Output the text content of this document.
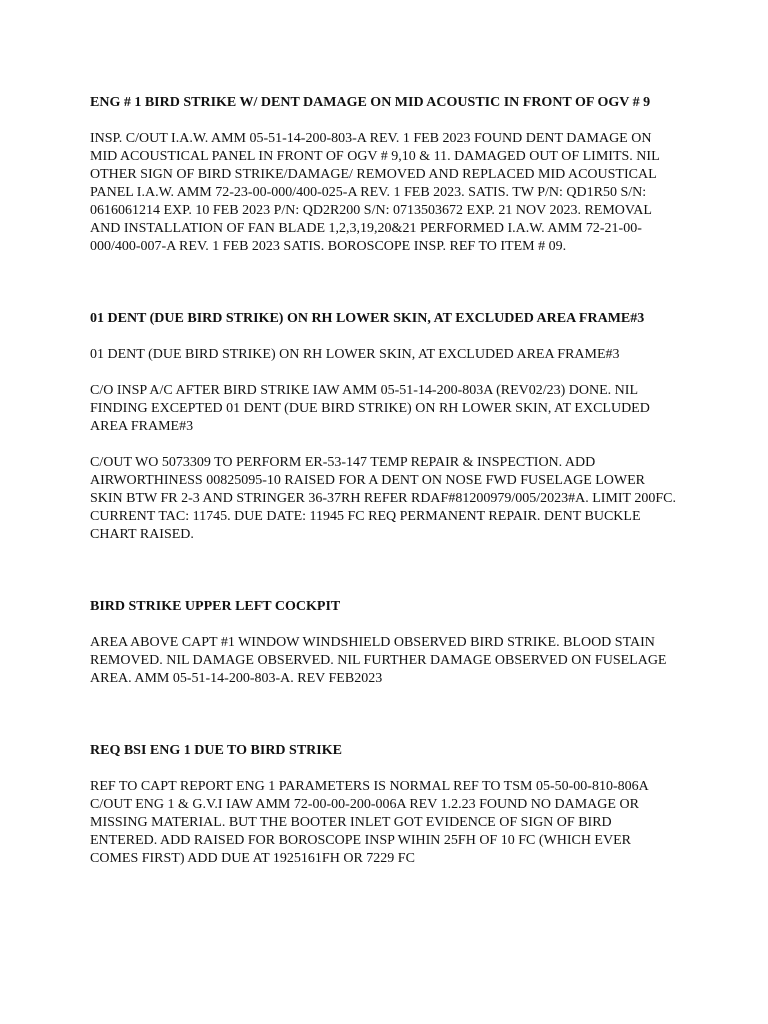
ENG # 1 BIRD STRIKE W/ DENT DAMAGE ON MID ACOUSTIC IN FRONT OF OGV # 9

INSP. C/OUT I.A.W. AMM 05-51-14-200-803-A REV. 1 FEB 2023 FOUND DENT DAMAGE ON MID ACOUSTICAL PANEL IN FRONT OF OGV # 9,10 & 11. DAMAGED OUT OF LIMITS. NIL OTHER SIGN OF BIRD STRIKE/DAMAGE/ REMOVED AND REPLACED MID ACOUSTICAL PANEL I.A.W. AMM 72-23-00-000/400-025-A REV. 1 FEB 2023. SATIS. TW P/N: QD1R50 S/N: 0616061214 EXP. 10 FEB 2023 P/N: QD2R200 S/N: 0713503672 EXP. 21 NOV 2023. REMOVAL AND INSTALLATION OF FAN BLADE 1,2,3,19,20&21 PERFORMED I.A.W. AMM 72-21-00-000/400-007-A REV. 1 FEB 2023 SATIS. BOROSCOPE INSP. REF TO ITEM # 09.

01 DENT (DUE BIRD STRIKE) ON RH LOWER SKIN, AT EXCLUDED AREA FRAME#3

01 DENT (DUE BIRD STRIKE) ON RH LOWER SKIN, AT EXCLUDED AREA FRAME#3

C/O INSP A/C AFTER BIRD STRIKE IAW AMM 05-51-14-200-803A (REV02/23) DONE. NIL FINDING EXCEPTED 01 DENT (DUE BIRD STRIKE) ON RH LOWER SKIN, AT EXCLUDED AREA FRAME#3

C/OUT WO 5073309 TO PERFORM ER-53-147 TEMP REPAIR & INSPECTION. ADD AIRWORTHINESS 00825095-10 RAISED FOR A DENT ON NOSE FWD FUSELAGE LOWER SKIN BTW FR 2-3 AND STRINGER 36-37RH REFER RDAF#81200979/005/2023#A. LIMIT 200FC. CURRENT TAC: 11745. DUE DATE: 11945 FC REQ PERMANENT REPAIR. DENT BUCKLE CHART RAISED.

BIRD STRIKE UPPER LEFT COCKPIT

AREA ABOVE CAPT #1 WINDOW WINDSHIELD OBSERVED BIRD STRIKE. BLOOD STAIN REMOVED. NIL DAMAGE OBSERVED. NIL FURTHER DAMAGE OBSERVED ON FUSELAGE AREA. AMM 05-51-14-200-803-A. REV FEB2023

REQ BSI ENG 1 DUE TO BIRD STRIKE

REF TO CAPT REPORT ENG 1 PARAMETERS IS NORMAL REF TO TSM 05-50-00-810-806A C/OUT ENG 1 & G.V.I IAW AMM 72-00-00-200-006A REV 1.2.23 FOUND NO DAMAGE OR MISSING MATERIAL. BUT THE BOOTER INLET GOT EVIDENCE OF SIGN OF BIRD ENTERED. ADD RAISED FOR BOROSCOPE INSP WIHIN 25FH OF 10 FC (WHICH EVER COMES FIRST) ADD DUE AT 1925161FH OR 7229 FC
